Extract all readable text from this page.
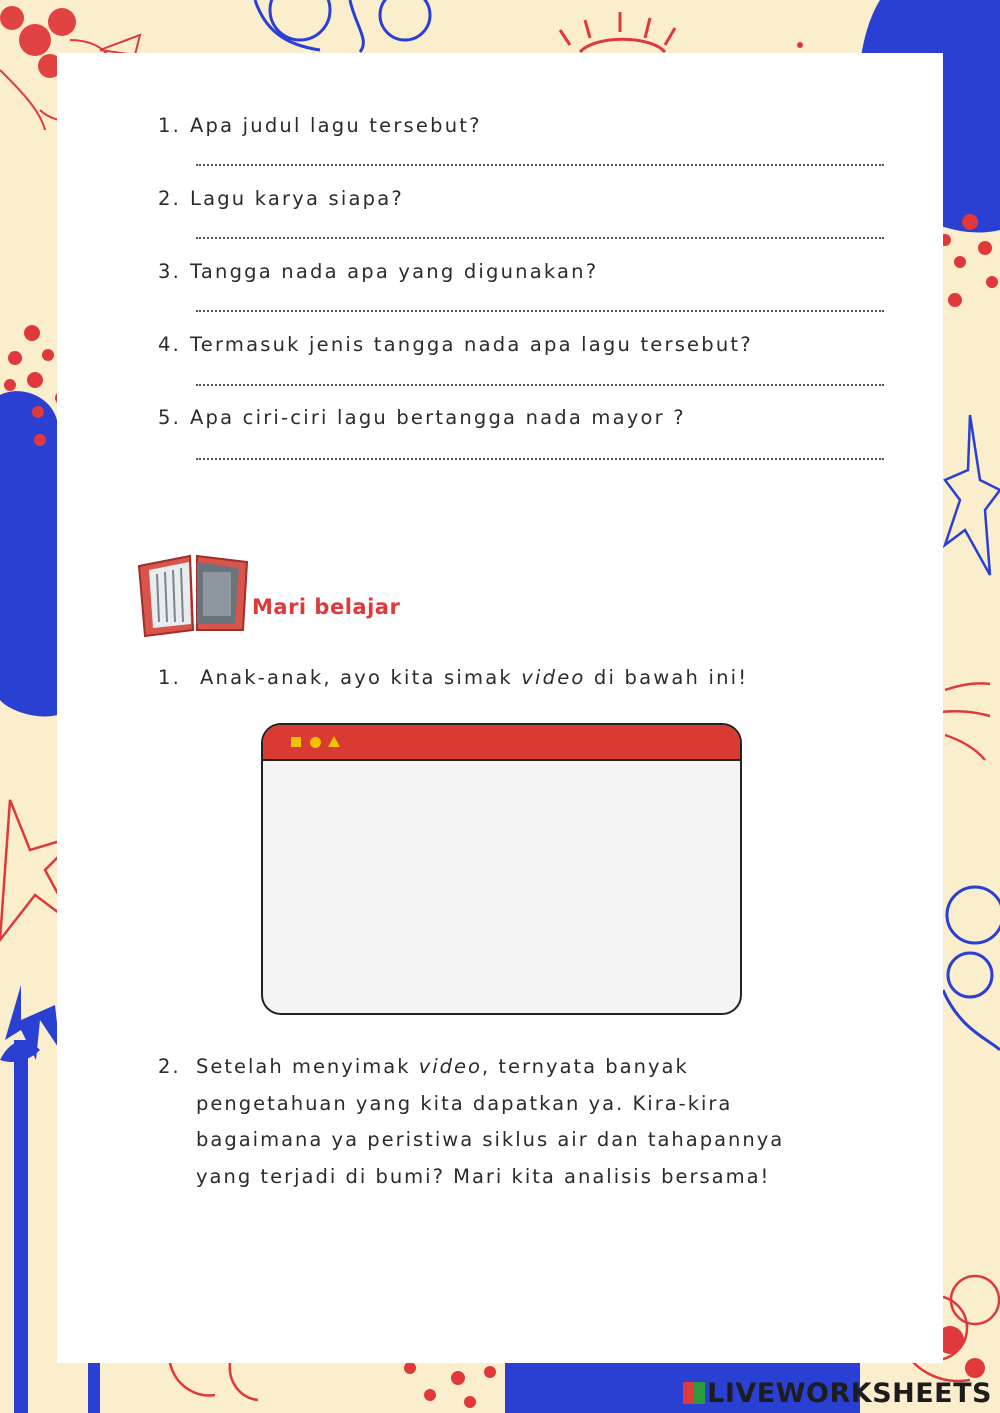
1. Apa judul lagu tersebut?
2. Lagu karya siapa?
3. Tangga nada apa yang digunakan?
4. Termasuk jenis tangga nada apa lagu tersebut?
5. Apa ciri-ciri lagu bertangga nada mayor ?
Mari belajar
1. Anak-anak, ayo kita simak video di bawah ini!
2. Setelah menyimak video, ternyata banyak pengetahuan yang kita dapatkan ya. Kira-kira bagaimana ya peristiwa siklus air dan tahapannya yang terjadi di bumi? Mari kita analisis bersama!
LIVEWORKSHEETS
